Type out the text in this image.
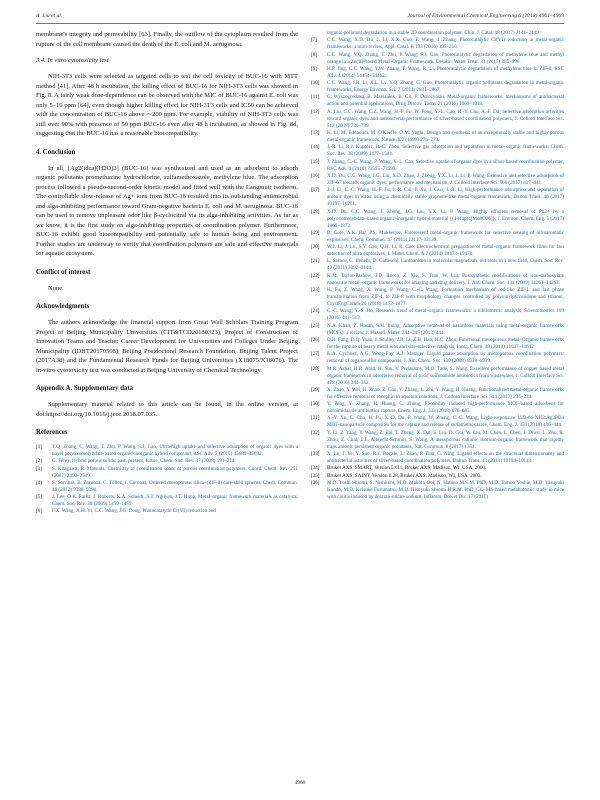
A. Liu et al.	Journal of Environmental Chemical Engineering 6 (2018) 4961–4969

membrane's integrity and permeability [63]. Finally, the outflow of the cytoplasm resulted from the rupture of the cell membrane caused the death of the E. coli and M. aeruginosa.

3.4. In vitro cytotoxicity test

NIH-3T3 cells were selected as targeted cells to test the cell toxicity of BUC-16 with MTT method [41]. After 48 h incubation, the killing effect of BUC-16 for NIH-3T3 cells was showed in Fig. 8. A fairly weak dose-dependence can be observed with the MIC of BUC-16 against E. coli was only 5–10 ppm [64], even though higher killing effect for NIH-3T3 cells and IC50 can be achieved with the concentration of BUC-16 above ∼200 ppm. For example, viability of NIH-3T3 cells was still over 90% with presence of 50 ppm BUC-16 even after 48 h incubation, as showed in Fig. 8d, suggesting that the BUC-16 has a reasonable biocompatibility.

4. Conclusion

In all, [Ag2(idca)(H2O)3] (BUC-16) was synthesized and used as an adsorbent to adsorb organic pollutants promethazine hydrochlorine, sulfamethoxazole, methylene blue. The adsorption process followed a pseudo-second-order kinetic model and fitted well with the Langmuir isotherm. The controllable slow-release of Ag+ ions from BUC-16 resulted into its outstanding antimicrobial and alga-inhibiting performance toward Gram-negative bacteria E. coli and M. aeruginosa. BUC-16 can be used to remove unpleasant odor like β-cyclocitral via its alga-inhibiting activities. As far as we know, it is the first study on alga-inhibiting properties of coordination polymer. Furthermore, BUC-16 exhibit good biocompatibility and potentially safe to human being and environment. Further studies are underway to verify that coordination polymers are safe and effective materials for aquatic ecosystem.

Conflict of interest

None.

Acknowledgments

The authors acknowledge the financial support from Great Wall Scholars Training Program Project of Beijing Municipality Universities (CIT&TCD20180323), Project of Construction of Innovation Teams and Teacher Career Development for Universities and Colleges Under Beijing Municipality (IDHT20170508), Beijing Postdoctoral Research Foundation, Beijing Talent Project (2017A38) and the Fundamental Research Funds for Beijing Universities (X18075/X18076). The in-vitro cytotoxicity test was conducted at Beijing University of Chemical Technology.

Appendix A. Supplementary data

Supplementary material related to this article can be found, in the online version, at doi:https://doi.org/10.1016/j.jece.2018.07.035.

References
[1]	Y.Q. Zhang, C. Wang, T. Zhu, P. Wang, S.J. Gao, Ultra-high uptake and selective adsorption of organic dyes with a novel polyoxomolybdate-based organic-inorganic hybrid compound, RSC Adv. 5 (2015) 45688–45692.
[2]	G. Férey, Hybrid porous solids: past, present, future, Chem. Soc. Rev. 37 (2008) 191–214.
[3]	S. Kitagawa, R. Matsuda, Chemistry of coordination space of porous coordination polymers, Coord. Chem. Rev. 251 (2007) 2490–2509.
[4]	S. Sorribas, B. Zornoza, C. Téllez, J. Coronas, Ordered mesoporous silica–(ZIF-8) core-shell spheres, Chem. Commun. 48 (2012) 9388–9390.
[5]	J. Lee, O.K. Farha, J. Roberts, K.A. Scheidt, S.T. Nguyen, J.T. Hupp, Metal–organic framework materials as catalysts, Chem. Soc. Rev. 38 (2009) 1450–1459.
[6]	F.X. Wang, X.H. Yi, C.C. Wang, J.G. Deng, Photocatalytic Cr(VI) reduction and
organic-pollutant degradation in a stable 2D coordination polymer, Chin. J. Catal. 38 (2017) 2141–2149.
[7]	C.C. Wang, X.D. Du, J. Li, X.X. Guo, P. Wang, J. Zhang, Photocatalytic Cr(VI) reduction in metal-organic frameworks: a mini-review, Appl. Catal. B 193 (2016) 198–216.
[8]	C.C. Wang, Y.Q. Zhang, T. Zhu, P. Wang, S.J. Gao, Photocatalytic degradation of methylene blue and methyl orange in a Zn(II)-based Metal–Organic Framework, Desalin. Water Treat. 33 (2015) 885–896.
[9]	H.P. Jing, C.C. Wang, Y.W. Zhang, P. Wang, R. Li, Photocatalytic degradation of methylene blue in ZIF-8, RSC Adv. 4 (2014) 54454–54462.
[10]	C.C. Wang, J.R. Li, X.L. Lv, Y.Q. Zhang, G. Guo, Photocatalytic organic pollutants degradation in metal-organic frameworks, Energy Environ. Sci. 7 (2014) 2831–2867.
[11]	G. Wyszogrodzka, B. Marszałek, B. Gil, P. Dorożyński, Metal-organic frameworks: mechanisms of antibacterial action and potential applications, Drug Discov. Today 21 (2016) 1009–1018.
[12]	A. Liu, C.C. Wang, C.Z. Wang, H.-F. Fu, W. Peng, Y.-L. Cao, H.-Y. Chu, A.-F. Du, Selective adsorption activities toward organic dyes and antibacterial performance of silver-based coordination polymers, J. Colloid Interface Sci. 512 (2018) 730–739.
[13]	H. Li, M. Eddaoudi, M. O'Keeffe, O.M. Yaghi, Design and synthesis of an exceptionally stable and highly porous metal-organic framework, Nature 402 (1999) 276–279.
[14]	J.-R. Li, R.J. Kuppler, H.-C. Zhou, Selective gas adsorption and separation in metal–organic frameworks, Chem. Soc. Rev. 38 (2009) 1477–1504.
[15]	J. Zhang, C.-C. Wang, P. Wang, Y.-L. Cao, Selective uptake of organic dyes in a silver-based coordination polymer, RSC Adv. 6 (2016) 73595–73599.
[16]	X.D. Du, C.C. Wang, J.G. Liu, X.D. Zhao, J. Zhong, Y.X. Li, J. Li, P. Wang, Extensive and selective adsorption of ZIF-67 towards organic dyes: performance and mechanism, J. Colloid Interface Sci. 506 (2017) 437–441.
[17]	J.-J. Li, C.-C. Wang, H.-F. Fu, J.-R. Cui, P. Xu, J. Guo, J.-R. Li, High-performance adsorption and separation of anionic dyes in water using a chemically stable graphene-like metal-organic framework, Dalton Trans. 46 (2017) 10197–10201.
[18]	X.D. Du, C.C. Wang, J. Zhong, J.G. Liu, Y.X. Li, P. Wang, Highly efficient removal of Pb2+ by a polyoxomolybdate-based organic-inorganic hybrid material {(4-Hap)4[Mo8O26]}, J. Environ. Chem. Eng. 5 (2017) 1866–1873.
[19]	B. Gole, A.K. Bar, P.S. Mukherjee, Fluorescent metal-organic framework for selective sensing of nitroaromatic explosives, Chem. Commun. 47 (2011) 12137–12139.
[20]	W.J. Li, J. Lu, S.Y. Gao, Q.H. Li, R. Cao, Electrochemical preparation of metal–organic framework films for fast detection of nitro explosives, J. Mater. Chem. A 2 (2014) 19473–19478.
[21]	L. Sorace, C. Benelli, D. Gatteschi, Lanthanides in molecular magnetism: old tools in a new field, Chem. Soc. Rev. 40 (2011) 3092–3104.
[22]	K.M. Taylor-Pashow, J.D. Rocca, Z. Xie, S. Tran, W. Lin, Postsynthetic modifications of iron-carboxylate nanoscale metal–organic frameworks for imaging and drug delivery, J. Am. Chem. Soc. 131 (2009) 14261–14263.
[23]	H. Fu, Z. Wang, X. Wang, P. Wang, C.-C. Wang, Formation mechanism of rod-like ZIF-L and fast phase transformation from ZIF-L to ZIF-8 with morphology changes controlled by polyvinylpyrrolidone and ethanol, CrystEngComm 20 (2018) 1473–1477.
[24]	C.-C. Wang, Y.-S. Ho, Research trend of metal–organic frameworks: a bibliometric analysis, Scientometrics 109 (2016) 481–513.
[25]	N.A. Khan, Z. Hasan, S.H. Jhung, Adsorptive removal of hazardous materials using metal-organic frameworks (MOFs): a review, J. Hazard. Mater. 244–245 (2013) 444.
[26]	Q.R. Fang, D.Q. Yuan, J. Sculley, J.R. Li, Z.B. Han, H.C. Zhou, Functional mesoporous metal−Organic frameworks for the capture of heavy metal ions and size-selective catalysis, Inorg. Chem. 49 (2010) 11637–11642.
[27]	K.A. Cychosz, A.G. Wong-Foy, A.J. Matzger, Liquid phase adsorption by microporous coordination polymers: removal of organosulfur compounds, J. Am. Chem. Soc. 130 (2008) 6938–6939.
[28]	M.R. Azhar, H.R. Abid, H. Sun, V. Periasamy, M.O. Tadé, S. Wang, Excellent performance of copper based metal organic framework in adsorptive removal of toxic sulfonamide antibiotics from wastewater, J. Colloid Interface Sci. 478 (2016) 344–352.
[29]	X. Zhao, Y. Wei, H. Zhao, Z. Gao, Y. Zhang, L. Zhi, Y. Wang, H. Huang, Functionalized metal-organic frameworks for effective removal of rocephin in aqueous solutions, J. Colloid Interface Sci. 514 (2017) 234–239.
[30]	Y. Peng, Y. Zhang, H. Huang, C. Zhong, Flexibility induced high-performance MOF-based adsorbent for nitroimidazole antibiotics capture, Chem. Eng. J. 333 (2018) 678–685.
[31]	X.-Y. Xu, C. Chu, H. Fu, X.-D. Du, P. Wang, W. Zheng, C.-C. Wang, Light-responsive UiO-66-NH2/Ag3PO4 MOF-nanoparticle composites for the capture and release of sulfamethoxazole, Chem. Eng. J. 350 (2018) 436–444.
[32]	Y. Li, Z. Yang, Y. Wang, Z. Bai, T. Zheng, X. Dai, S. Liu, D. Gui, W. Liu, M. Chen, L. Chen, J. Diwu, L. Zhu, R. Zhou, Z. Chai, T.E. Albrecht-Schmitt, S. Wang, A mesoporous cationic thorium-organic framework that rapidly traps anionic persistent organic pollutants, Nat. Commun. 8 (2017) 1354.
[33]	X. Lu, J. Ye, Y. Sun, R.F. Bogale, L. Zhao, P. Tian, G. Ning, Ligand effects on the structural dimensionality and antibacterial activities of silver-based coordination polymers, Dalton Trans. 43 (2014) 10104–10113.
[34]	Bruker AXS, SMART, Version 5.611, Bruker AXS, Madison, WI, USA, 2000.
[35]	Bruker AXS, SAINT, Version 6.28, Bruker AXS, Madison, WI, USA, 2003.
[36]	M.D. Yoshi Shiomi, S. Nishiumi, M.D. Makoto Ooi, N. Hatano M.S.M. PhD, M.D. Tomoo Yoshie, M.D. Yasuyuki Kondo, M.D. Keisuke Furumatsu, M.D. Hideyuki Shiomi H.R.M. PhD, GC–MS-based metabolomic study in mice with colitis induced by dextran sulfate sodium, Inflamm. Bowel Dis. 17 (2011)
4968
